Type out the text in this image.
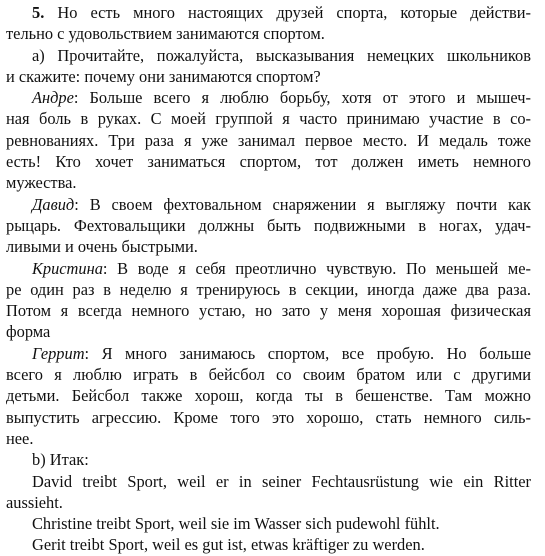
5. Но есть много настоящих друзей спорта, которые действи-
тельно с удовольствием занимаются спортом.
а) Прочитайте, пожалуйста, высказывания немецких школьников
и скажите: почему они занимаются спортом?
Андре: Больше всего я люблю борьбу, хотя от этого и мышеч-
ная боль в руках. С моей группой я часто принимаю участие в со-
ревнованиях. Три раза я уже занимал первое место. И медаль тоже
есть! Кто хочет заниматься спортом, тот должен иметь немного
мужества.
Давид: В своем фехтовальном снаряжении я выгляжу почти как
рыцарь. Фехтовальщики должны быть подвижными в ногах, удач-
ливыми и очень быстрыми.
Кристина: В воде я себя преотлично чувствую. По меньшей ме-
ре один раз в неделю я тренируюсь в секции, иногда даже два раза.
Потом я всегда немного устаю, но зато у меня хорошая физическая
форма
Геррит: Я много занимаюсь спортом, все пробую. Но больше
всего я люблю играть в бейсбол со своим братом или с другими
детьми. Бейсбол также хорош, когда ты в бешенстве. Там можно
выпустить агрессию. Кроме того это хорошо, стать немного силь-
нее.
b) Итак:
David treibt Sport, weil er in seiner Fechtausrüstung wie ein Ritter
aussieht.
Christine treibt Sport, weil sie im Wasser sich pudewohl fühlt.
Gerit treibt Sport, weil es gut ist, etwas kräftiger zu werden.
